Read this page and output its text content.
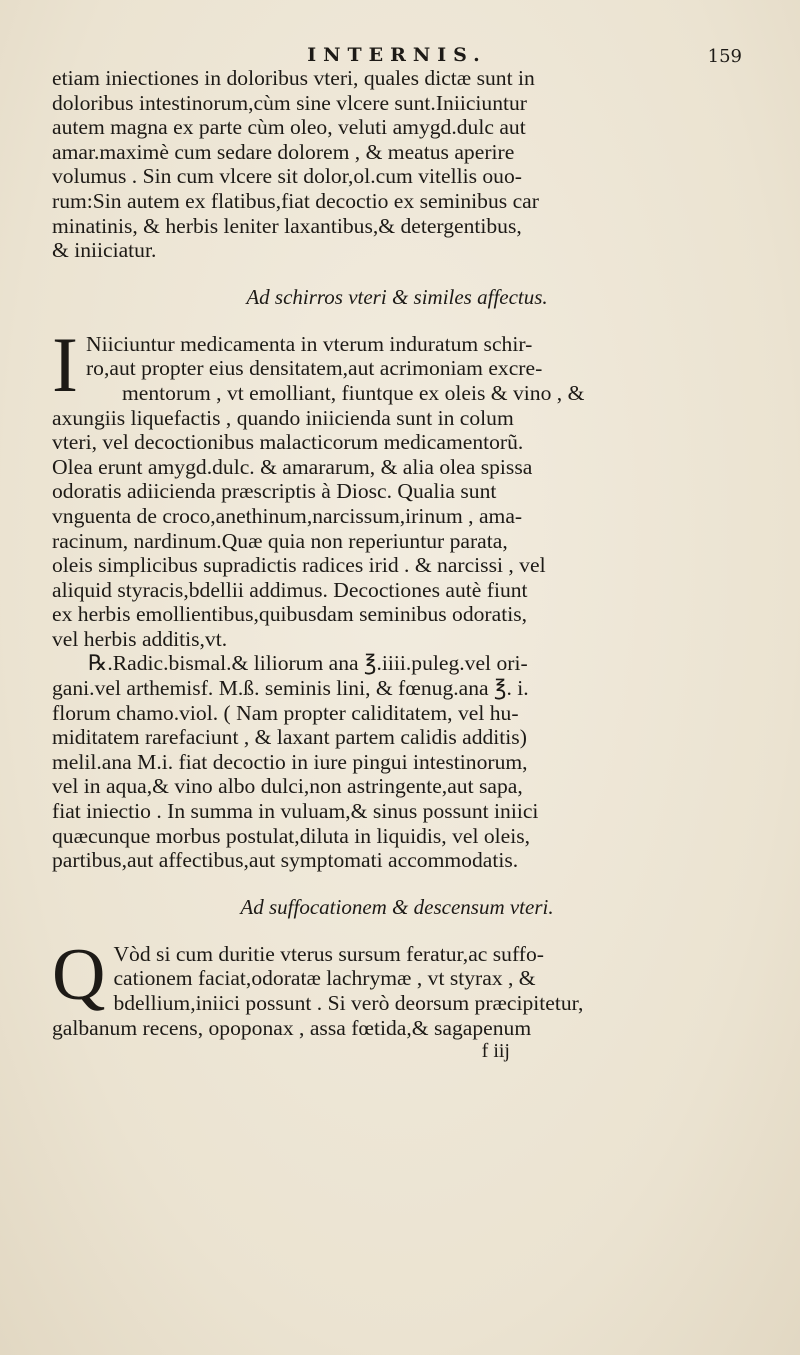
INTERNIS.	159

etiam iniectiones in doloribus vteri, quales dictæ sunt in
doloribus intestinorum,cùm sine vlcere sunt.Iniiciuntur
autem magna ex parte cùm oleo, veluti amygd.dulc aut
amar.maximè cum sedare dolorem , & meatus aperire
volumus . Sin cum vlcere sit dolor,ol.cum vitellis ouo-
rum:Sin autem ex flatibus,fiat decoctio ex seminibus car
minatinis, & herbis leniter laxantibus,& detergentibus,
& iniiciatur.

Ad schirros vteri & similes affectus.
I Niiciuntur medicamenta in vterum induratum schir-
ro,aut propter eius densitatem,aut acrimoniam excre-
mentorum , vt emolliant, fiuntque ex oleis & vino , &
axungiis liquefactis , quando iniicienda sunt in colum
vteri, vel decoctionibus malacticorum medicamentorũ.
Olea erunt amygd.dulc. & amararum, & alia olea spissa
odoratis adiicienda præscriptis à Diosc. Qualia sunt
vnguenta de croco,anethinum,narcissum,irinum , ama-
racinum, nardinum.Quæ quia non reperiuntur parata,
oleis simplicibus supradictis radices irid . & narcissi , vel
aliquid styracis,bdellii addimus. Decoctiones autè fiunt
ex herbis emollientibus,quibusdam seminibus odoratis,
vel herbis additis,vt.

℞.Radic.bismal.& liliorum ana ℥.iiii.puleg.vel ori-
gani.vel arthemisf. M.ß. seminis lini, & fœnug.ana ℥. i.
florum chamo.viol. ( Nam propter caliditatem, vel hu-
miditatem rarefaciunt , & laxant partem calidis additis)
melil.ana M.i. fiat decoctio in iure pingui intestinorum,
vel in aqua,& vino albo dulci,non astringente,aut sapa,
fiat iniectio . In summa in vuluam,& sinus possunt iniici
quæcunque morbus postulat,diluta in liquidis, vel oleis,
partibus,aut affectibus,aut symptomati accommodatis.

Ad suffocationem & descensum vteri.
Q Vòd si cum duritie vterus sursum feratur,ac suffo-
cationem faciat,odoratæ lachrymæ , vt styrax , &
bdellium,iniici possunt . Si verò deorsum præcipitetur,
galbanum recens, opoponax , assa fœtida,& sagapenum
f iij
